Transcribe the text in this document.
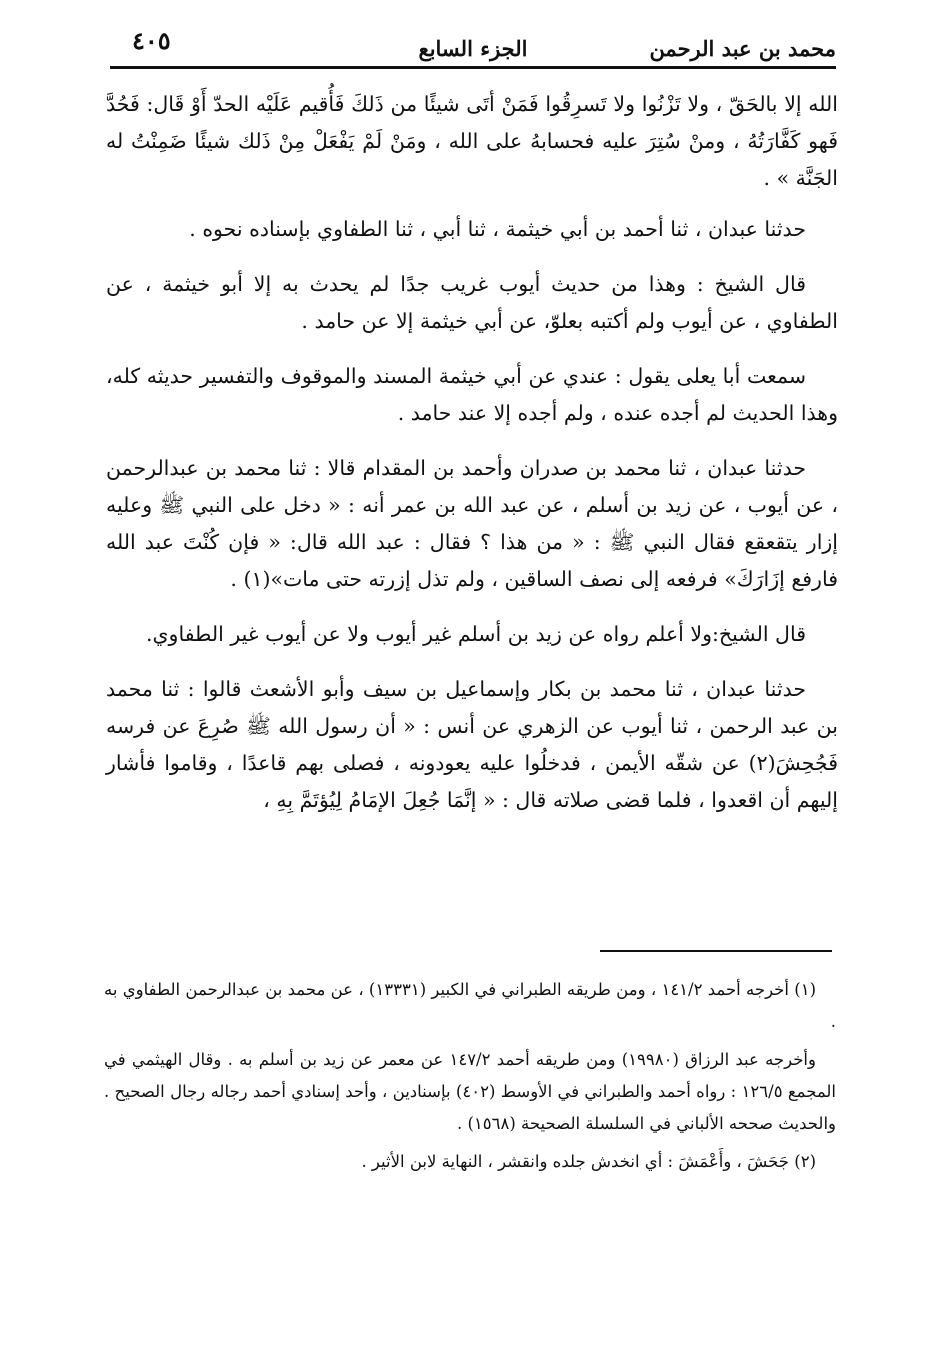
محمد بن عبد الرحمن
الجزء السابع
٤٠٥

الله إلا بالحَقّ ، ولا تَزْنُوا ولا تَسرِقُوا فَمَنْ أتَى شيئًا من ذَلكَ فَأُقيم عَلَيْه الحدّ أَوْ قَال: فَحُدَّ فَهو كَفَّارَتُهُ ، ومنْ سُتِرَ عليه فحسابهُ على الله ، ومَنْ لَمْ يَفْعَلْ مِنْ ذَلك شيئًا ضَمِنْتُ له الجَنَّة » .

حدثنا عبدان ، ثنا أحمد بن أبي خيثمة ، ثنا أبي ، ثنا الطفاوي بإسناده نحوه .

قال الشيخ : وهذا من حديث أيوب غريب جدًا لم يحدث به إلا أبو خيثمة ، عن الطفاوي ، عن أيوب ولم أكتبه بعلوّ، عن أبي خيثمة إلا عن حامد .

سمعت أبا يعلى يقول : عندي عن أبي خيثمة المسند والموقوف والتفسير حديثه كله، وهذا الحديث لم أجده عنده ، ولم أجده إلا عند حامد .

حدثنا عبدان ، ثنا محمد بن صدران وأحمد بن المقدام قالا : ثنا محمد بن عبدالرحمن ، عن أيوب ، عن زيد بن أسلم ، عن عبد الله بن عمر أنه : « دخل على النبي ﷺ وعليه إزار يتقعقع فقال النبي ﷺ : « من هذا ؟ فقال : عبد الله قال: « فإن كُنْتَ عبد الله فارفع إزَارَكَ» فرفعه إلى نصف الساقين ، ولم تذل إزرته حتى مات»(١) .

قال الشيخ:ولا أعلم رواه عن زيد بن أسلم غير أيوب ولا عن أيوب غير الطفاوي.

حدثنا عبدان ، ثنا محمد بن بكار وإسماعيل بن سيف وأبو الأشعث قالوا : ثنا محمد بن عبد الرحمن ، ثنا أيوب عن الزهري عن أنس : « أن رسول الله ﷺ صُرِعَ عن فرسه فَجُحِشَ(٢) عن شقّه الأيمن ، فدخلُوا عليه يعودونه ، فصلى بهم قاعدًا ، وقاموا فأشار إليهم أن اقعدوا ، فلما قضى صلاته قال : « إنَّمَا جُعِلَ الإمَامُ لِيُؤتَمَّ بِهِ ،

(١) أخرجه أحمد ١٤١/٢ ، ومن طريقه الطبراني في الكبير (١٣٣٣١) ، عن محمد بن عبدالرحمن الطفاوي به .

وأخرجه عبد الرزاق (١٩٩٨٠) ومن طريقه أحمد ١٤٧/٢ عن معمر عن زيد بن أسلم به . وقال الهيثمي في المجمع ١٢٦/٥ : رواه أحمد والطبراني في الأوسط (٤٠٢) بإسنادين ، وأحد إسنادي أحمد رجاله رجال الصحيح . والحديث صححه الألباني في السلسلة الصحيحة (١٥٦٨) .

(٢) جَحَشَ ، وأَعْمَشَ : أي انخدش جلده وانقشر ، النهاية لابن الأثير .
